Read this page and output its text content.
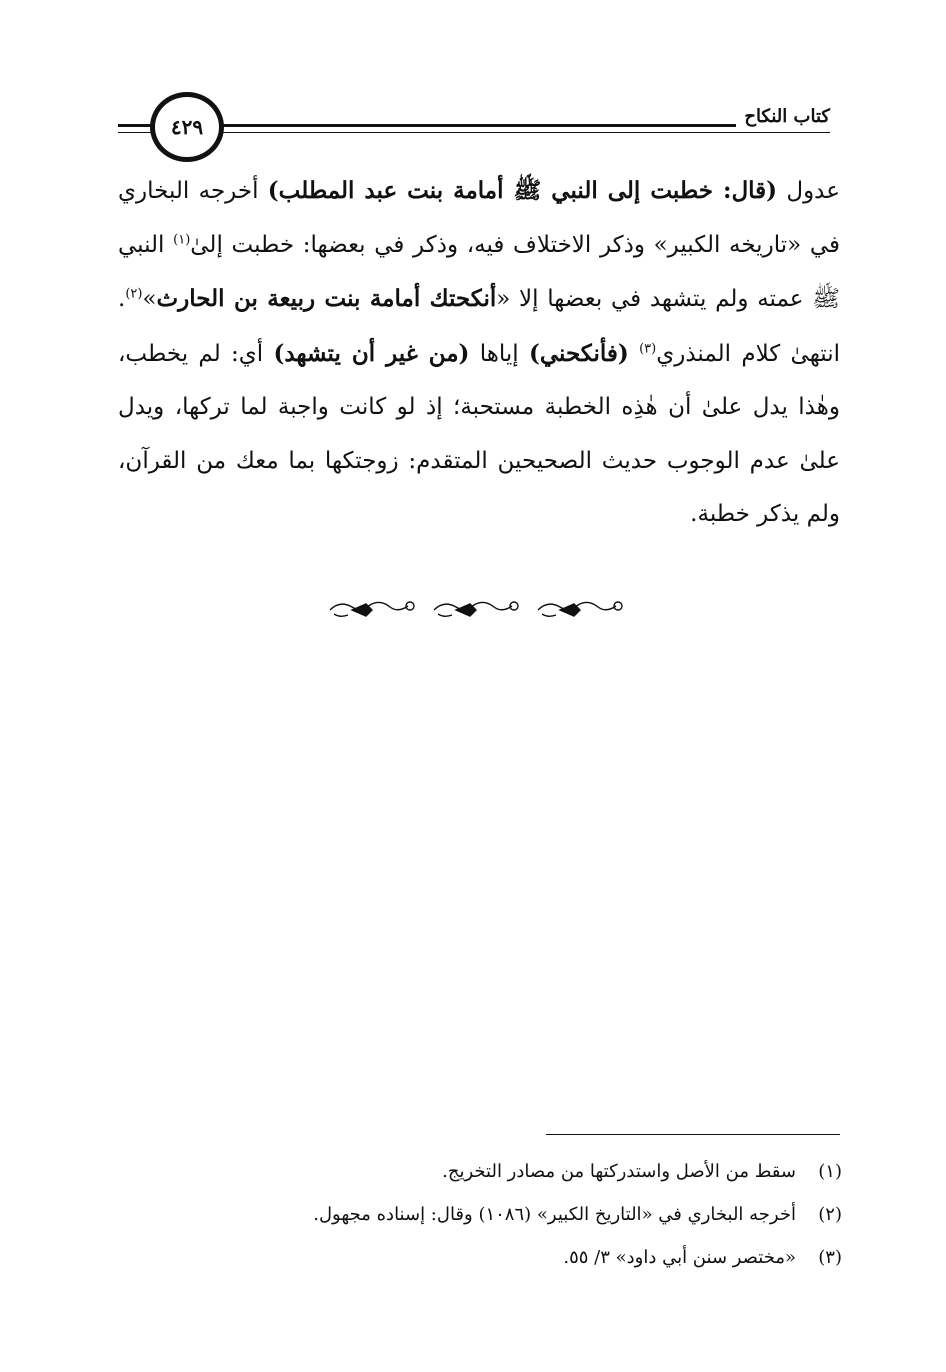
كتاب النكاح
٤٢٩

عدول (قال: خطبت إلى النبي ﷺ أمامة بنت عبد المطلب) أخرجه البخاري في «تاريخه الكبير» وذكر الاختلاف فيه، وذكر في بعضها: خطبت إلىٰ$^{(١)}$ النبي ﷺ عمته ولم يتشهد في بعضها إلا «أنكحتك أمامة بنت ربيعة بن الحارث»$^{(٢)}$. انتهىٰ كلام المنذري$^{(٣)}$ (فأنكحني) إياها (من غير أن يتشهد) أي: لم يخطب، وهٰذا يدل علىٰ أن هٰذِه الخطبة مستحبة؛ إذ لو كانت واجبة لما تركها، ويدل علىٰ عدم الوجوب حديث الصحيحين المتقدم: زوجتكها بما معك من القرآن، ولم يذكر خطبة.

(١)
سقط من الأصل واستدركتها من مصادر التخريج.
(٢)
أخرجه البخاري في «التاريخ الكبير» (١٠٨٦) وقال: إسناده مجهول.
(٣)
«مختصر سنن أبي داود» ٣/ ٥٥.
